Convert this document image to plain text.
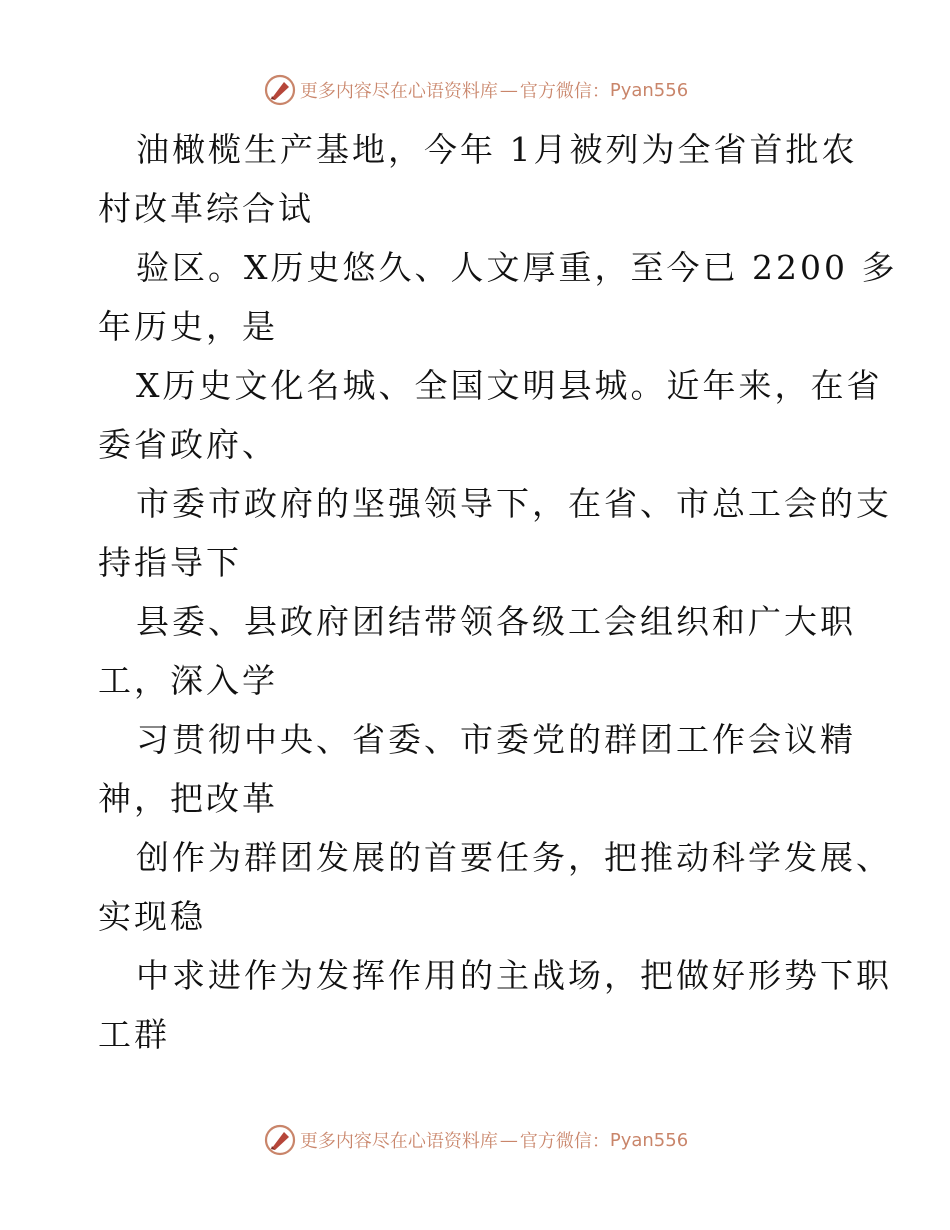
更多内容尽在心语资料库 — 官方微信： Pyan556
油橄榄生产基地，今年 1月被列为全省首批农
村改革综合试
验区。X历史悠久、人文厚重，至今已 2200 多
年历史，是
X历史文化名城、全国文明县城。近年来，在省
委省政府、
市委市政府的坚强领导下，在省、市总工会的支
持指导下
县委、县政府团结带领各级工会组织和广大职
工，深入学
习贯彻中央、省委、市委党的群团工作会议精
神，把改革
创作为群团发展的首要任务，把推动科学发展、
实现稳
中求进作为发挥作用的主战场，把做好形势下职
工群
更多内容尽在心语资料库 — 官方微信： Pyan556
